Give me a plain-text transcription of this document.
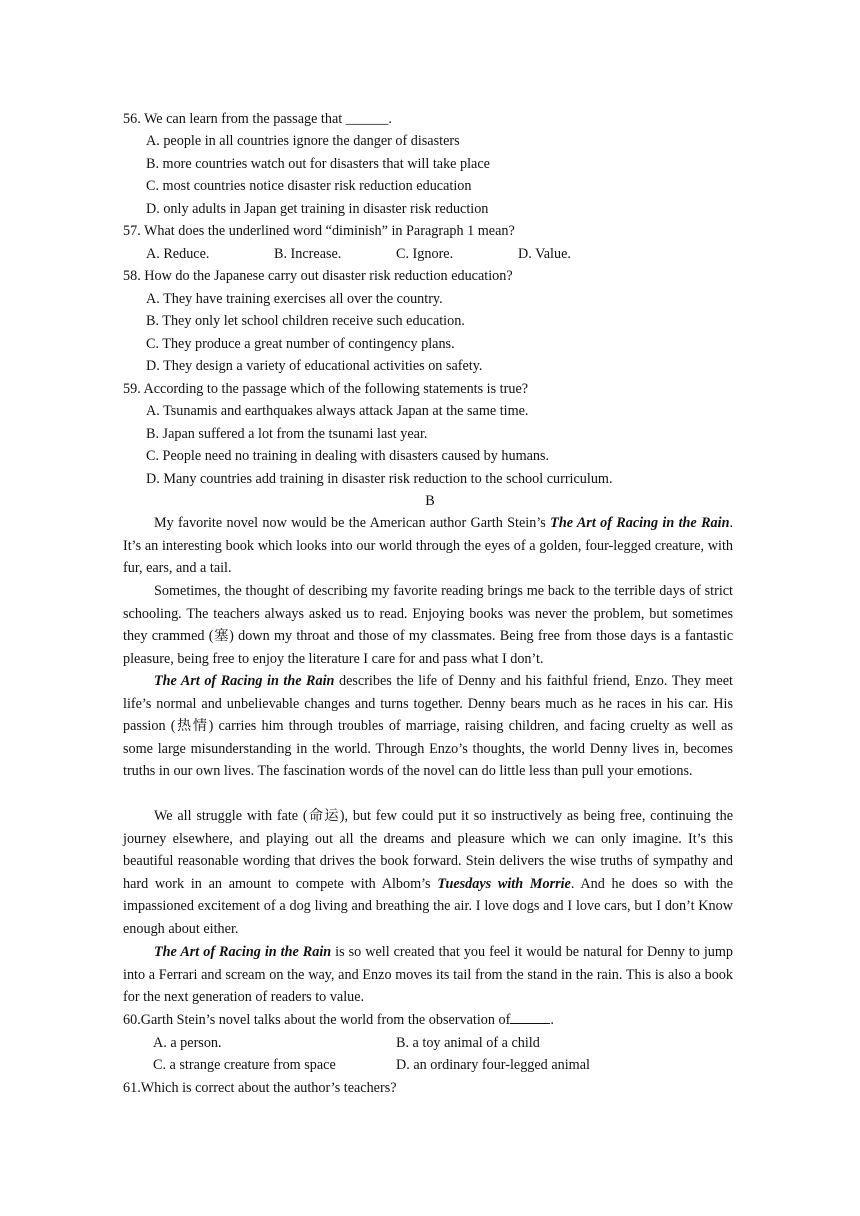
56. We can learn from the passage that ______.
A. people in all countries ignore the danger of disasters
B. more countries watch out for disasters that will take place
C. most countries notice disaster risk reduction education
D. only adults in Japan get training in disaster risk reduction
57. What does the underlined word “diminish” in Paragraph 1 mean?
A. Reduce.	B. Increase.	C. Ignore.	D. Value.
58. How do the Japanese carry out disaster risk reduction education?
A. They have training exercises all over the country.
B. They only let school children receive such education.
C. They produce a great number of contingency plans.
D. They design a variety of educational activities on safety.
59. According to the passage which of the following statements is true?
A. Tsunamis and earthquakes always attack Japan at the same time.
B. Japan suffered a lot from the tsunami last year.
C. People need no training in dealing with disasters caused by humans.
D. Many countries add training in disaster risk reduction to the school curriculum.
B
My favorite novel now would be the American author Garth Stein’s The Art of Racing in the Rain. It’s an interesting book which looks into our world through the eyes of a golden, four-legged creature, with fur, ears, and a tail.
Sometimes, the thought of describing my favorite reading brings me back to the terrible days of strict schooling. The teachers always asked us to read. Enjoying books was never the problem, but sometimes they crammed (塞) down my throat and those of my classmates. Being free from those days is a fantastic pleasure, being free to enjoy the literature I care for and pass what I don’t.
The Art of Racing in the Rain describes the life of Denny and his faithful friend, Enzo. They meet life’s normal and unbelievable changes and turns together. Denny bears much as he races in his car. His passion (热情) carries him through troubles of marriage, raising children, and facing cruelty as well as some large misunderstanding in the world. Through Enzo’s thoughts, the world Denny lives in, becomes truths in our own lives. The fascination words of the novel can do little less than pull your emotions.
We all struggle with fate (命运), but few could put it so instructively as being free, continuing the journey elsewhere, and playing out all the dreams and pleasure which we can only imagine. It’s this beautiful reasonable wording that drives the book forward. Stein delivers the wise truths of sympathy and hard work in an amount to compete with Albom’s Tuesdays with Morrie. And he does so with the impassioned excitement of a dog living and breathing the air. I love dogs and I love cars, but I don’t Know enough about either.
The Art of Racing in the Rain is so well created that you feel it would be natural for Denny to jump into a Ferrari and scream on the way, and Enzo moves its tail from the stand in the rain. This is also a book for the next generation of readers to value.
60.Garth Stein’s novel talks about the world from the observation of	.
A. a person.	B. a toy animal of a child
C. a strange creature from space	D. an ordinary four-legged animal
61.Which is correct about the author’s teachers?
